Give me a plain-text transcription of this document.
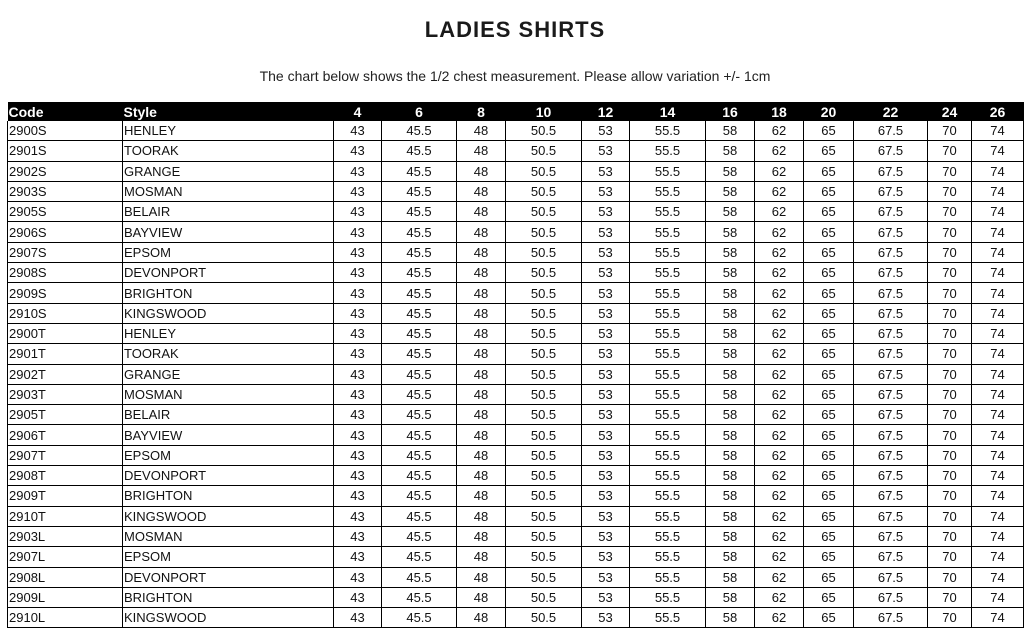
LADIES SHIRTS
The chart below shows the 1/2 chest measurement. Please allow variation +/- 1cm
Code	Style	4	6	8	10	12	14	16	18	20	22	24	26
2900S	HENLEY	43	45.5	48	50.5	53	55.5	58	62	65	67.5	70	74
2901S	TOORAK	43	45.5	48	50.5	53	55.5	58	62	65	67.5	70	74
2902S	GRANGE	43	45.5	48	50.5	53	55.5	58	62	65	67.5	70	74
2903S	MOSMAN	43	45.5	48	50.5	53	55.5	58	62	65	67.5	70	74
2905S	BELAIR	43	45.5	48	50.5	53	55.5	58	62	65	67.5	70	74
2906S	BAYVIEW	43	45.5	48	50.5	53	55.5	58	62	65	67.5	70	74
2907S	EPSOM	43	45.5	48	50.5	53	55.5	58	62	65	67.5	70	74
2908S	DEVONPORT	43	45.5	48	50.5	53	55.5	58	62	65	67.5	70	74
2909S	BRIGHTON	43	45.5	48	50.5	53	55.5	58	62	65	67.5	70	74
2910S	KINGSWOOD	43	45.5	48	50.5	53	55.5	58	62	65	67.5	70	74
2900T	HENLEY	43	45.5	48	50.5	53	55.5	58	62	65	67.5	70	74
2901T	TOORAK	43	45.5	48	50.5	53	55.5	58	62	65	67.5	70	74
2902T	GRANGE	43	45.5	48	50.5	53	55.5	58	62	65	67.5	70	74
2903T	MOSMAN	43	45.5	48	50.5	53	55.5	58	62	65	67.5	70	74
2905T	BELAIR	43	45.5	48	50.5	53	55.5	58	62	65	67.5	70	74
2906T	BAYVIEW	43	45.5	48	50.5	53	55.5	58	62	65	67.5	70	74
2907T	EPSOM	43	45.5	48	50.5	53	55.5	58	62	65	67.5	70	74
2908T	DEVONPORT	43	45.5	48	50.5	53	55.5	58	62	65	67.5	70	74
2909T	BRIGHTON	43	45.5	48	50.5	53	55.5	58	62	65	67.5	70	74
2910T	KINGSWOOD	43	45.5	48	50.5	53	55.5	58	62	65	67.5	70	74
2903L	MOSMAN	43	45.5	48	50.5	53	55.5	58	62	65	67.5	70	74
2907L	EPSOM	43	45.5	48	50.5	53	55.5	58	62	65	67.5	70	74
2908L	DEVONPORT	43	45.5	48	50.5	53	55.5	58	62	65	67.5	70	74
2909L	BRIGHTON	43	45.5	48	50.5	53	55.5	58	62	65	67.5	70	74
2910L	KINGSWOOD	43	45.5	48	50.5	53	55.5	58	62	65	67.5	70	74
